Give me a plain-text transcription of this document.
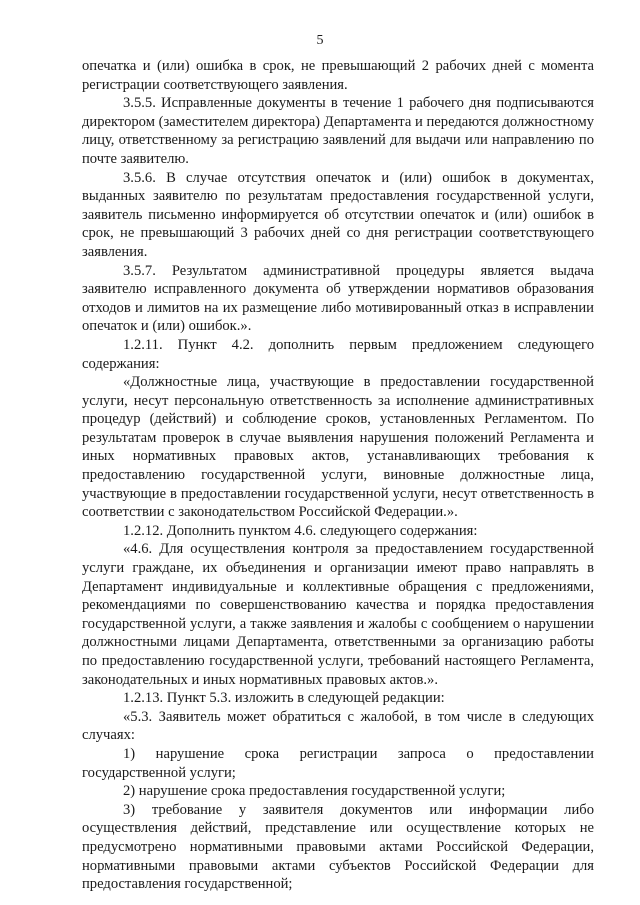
5

опечатка и (или) ошибка в срок, не превышающий 2 рабочих дней с момента регистрации соответствующего заявления.

3.5.5. Исправленные документы в течение 1 рабочего дня подписываются директором (заместителем директора) Департамента и передаются должностному лицу, ответственному за регистрацию заявлений для выдачи или направлению по почте заявителю.

3.5.6. В случае отсутствия опечаток и (или) ошибок в документах, выданных заявителю по результатам предоставления государственной услуги, заявитель письменно информируется об отсутствии опечаток и (или) ошибок в срок, не превышающий 3 рабочих дней со дня регистрации соответствующего заявления.

3.5.7. Результатом административной процедуры является выдача заявителю исправленного документа об утверждении нормативов образования отходов и лимитов на их размещение либо мотивированный отказ в исправлении опечаток и (или) ошибок.».

1.2.11. Пункт 4.2. дополнить первым предложением следующего содержания:

«Должностные лица, участвующие в предоставлении государственной услуги, несут персональную ответственность за исполнение административных процедур (действий) и соблюдение сроков, установленных Регламентом. По результатам проверок в случае выявления нарушения положений Регламента и иных нормативных правовых актов, устанавливающих требования к предоставлению государственной услуги, виновные должностные лица, участвующие в предоставлении государственной услуги, несут ответственность в соответствии с законодательством Российской Федерации.».

1.2.12. Дополнить пунктом 4.6. следующего содержания:

«4.6. Для осуществления контроля за предоставлением государственной услуги граждане, их объединения и организации имеют право направлять в Департамент индивидуальные и коллективные обращения с предложениями, рекомендациями по совершенствованию качества и порядка предоставления государственной услуги, а также заявления и жалобы с сообщением о нарушении должностными лицами Департамента, ответственными за организацию работы по предоставлению государственной услуги, требований настоящего Регламента, законодательных и иных нормативных правовых актов.».

1.2.13. Пункт 5.3. изложить в следующей редакции:

«5.3. Заявитель может обратиться с жалобой, в том числе в следующих случаях:

1) нарушение срока регистрации запроса о предоставлении государственной услуги;

2) нарушение срока предоставления государственной услуги;

3) требование у заявителя документов или информации либо осуществления действий, представление или осуществление которых не предусмотрено нормативными правовыми актами Российской Федерации, нормативными правовыми актами субъектов Российской Федерации для предоставления государственной;
